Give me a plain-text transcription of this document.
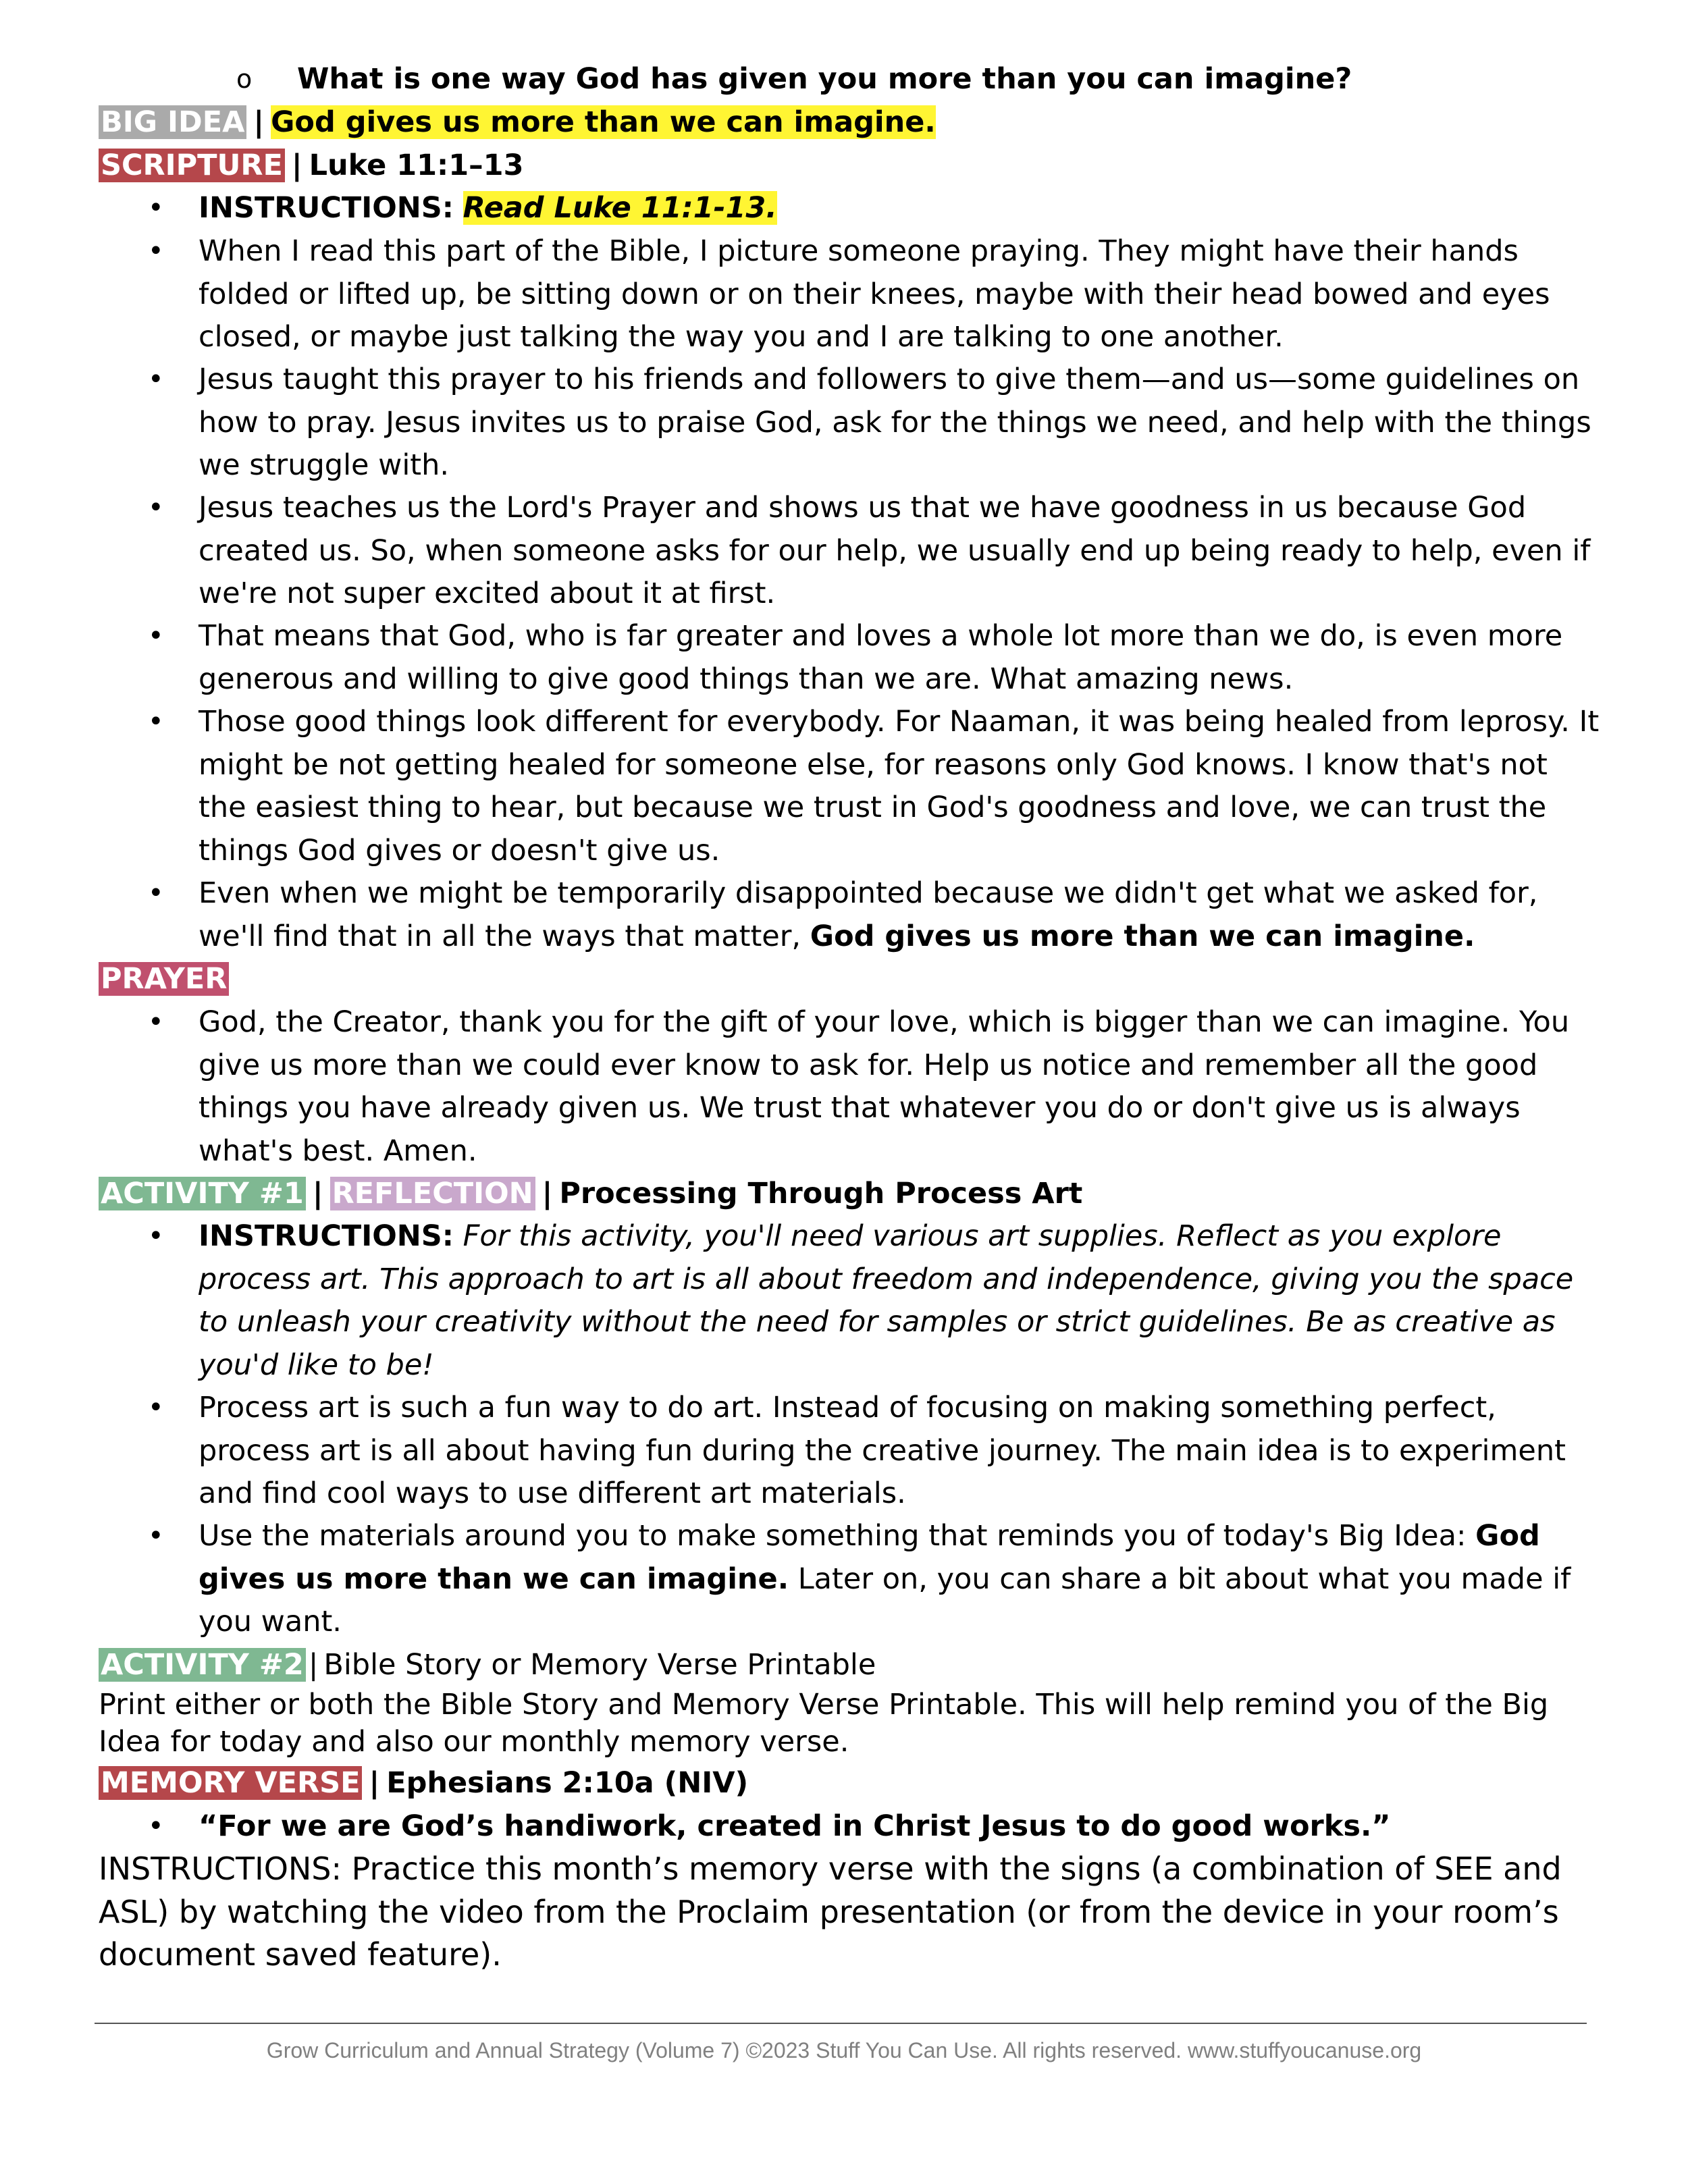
o What is one way God has given you more than you can imagine?
BIG IDEA | God gives us more than we can imagine.
SCRIPTURE | Luke 11:1–13
• INSTRUCTIONS: Read Luke 11:1-13.
• When I read this part of the Bible, I picture someone praying. They might have their hands folded or lifted up, be sitting down or on their knees, maybe with their head bowed and eyes closed, or maybe just talking the way you and I are talking to one another.

• Jesus taught this prayer to his friends and followers to give them—and us—some guidelines on how to pray. Jesus invites us to praise God, ask for the things we need, and help with the things we struggle with.

• Jesus teaches us the Lord's Prayer and shows us that we have goodness in us because God created us. So, when someone asks for our help, we usually end up being ready to help, even if we're not super excited about it at first.

• That means that God, who is far greater and loves a whole lot more than we do, is even more generous and willing to give good things than we are. What amazing news.

• Those good things look different for everybody. For Naaman, it was being healed from leprosy. It might be not getting healed for someone else, for reasons only God knows. I know that's not the easiest thing to hear, but because we trust in God's goodness and love, we can trust the things God gives or doesn't give us.

• Even when we might be temporarily disappointed because we didn't get what we asked for, we'll find that in all the ways that matter, God gives us more than we can imagine.

PRAYER
• God, the Creator, thank you for the gift of your love, which is bigger than we can imagine. You give us more than we could ever know to ask for. Help us notice and remember all the good things you have already given us. We trust that whatever you do or don't give us is always what's best. Amen.

ACTIVITY #1 | REFLECTION | Processing Through Process Art
• INSTRUCTIONS: For this activity, you'll need various art supplies. Reflect as you explore process art. This approach to art is all about freedom and independence, giving you the space to unleash your creativity without the need for samples or strict guidelines. Be as creative as you'd like to be!

• Process art is such a fun way to do art. Instead of focusing on making something perfect, process art is all about having fun during the creative journey. The main idea is to experiment and find cool ways to use different art materials.

• Use the materials around you to make something that reminds you of today's Big Idea: God gives us more than we can imagine. Later on, you can share a bit about what you made if you want.

ACTIVITY #2 | Bible Story or Memory Verse Printable

Print either or both the Bible Story and Memory Verse Printable. This will help remind you of the Big Idea for today and also our monthly memory verse.

MEMORY VERSE | Ephesians 2:10a (NIV)
• “For we are God’s handiwork, created in Christ Jesus to do good works.”

INSTRUCTIONS: Practice this month’s memory verse with the signs (a combination of SEE and ASL) by watching the video from the Proclaim presentation (or from the device in your room’s document saved feature).

Grow Curriculum and Annual Strategy (Volume 7) ©2023 Stuff You Can Use. All rights reserved. www.stuffyoucanuse.org
